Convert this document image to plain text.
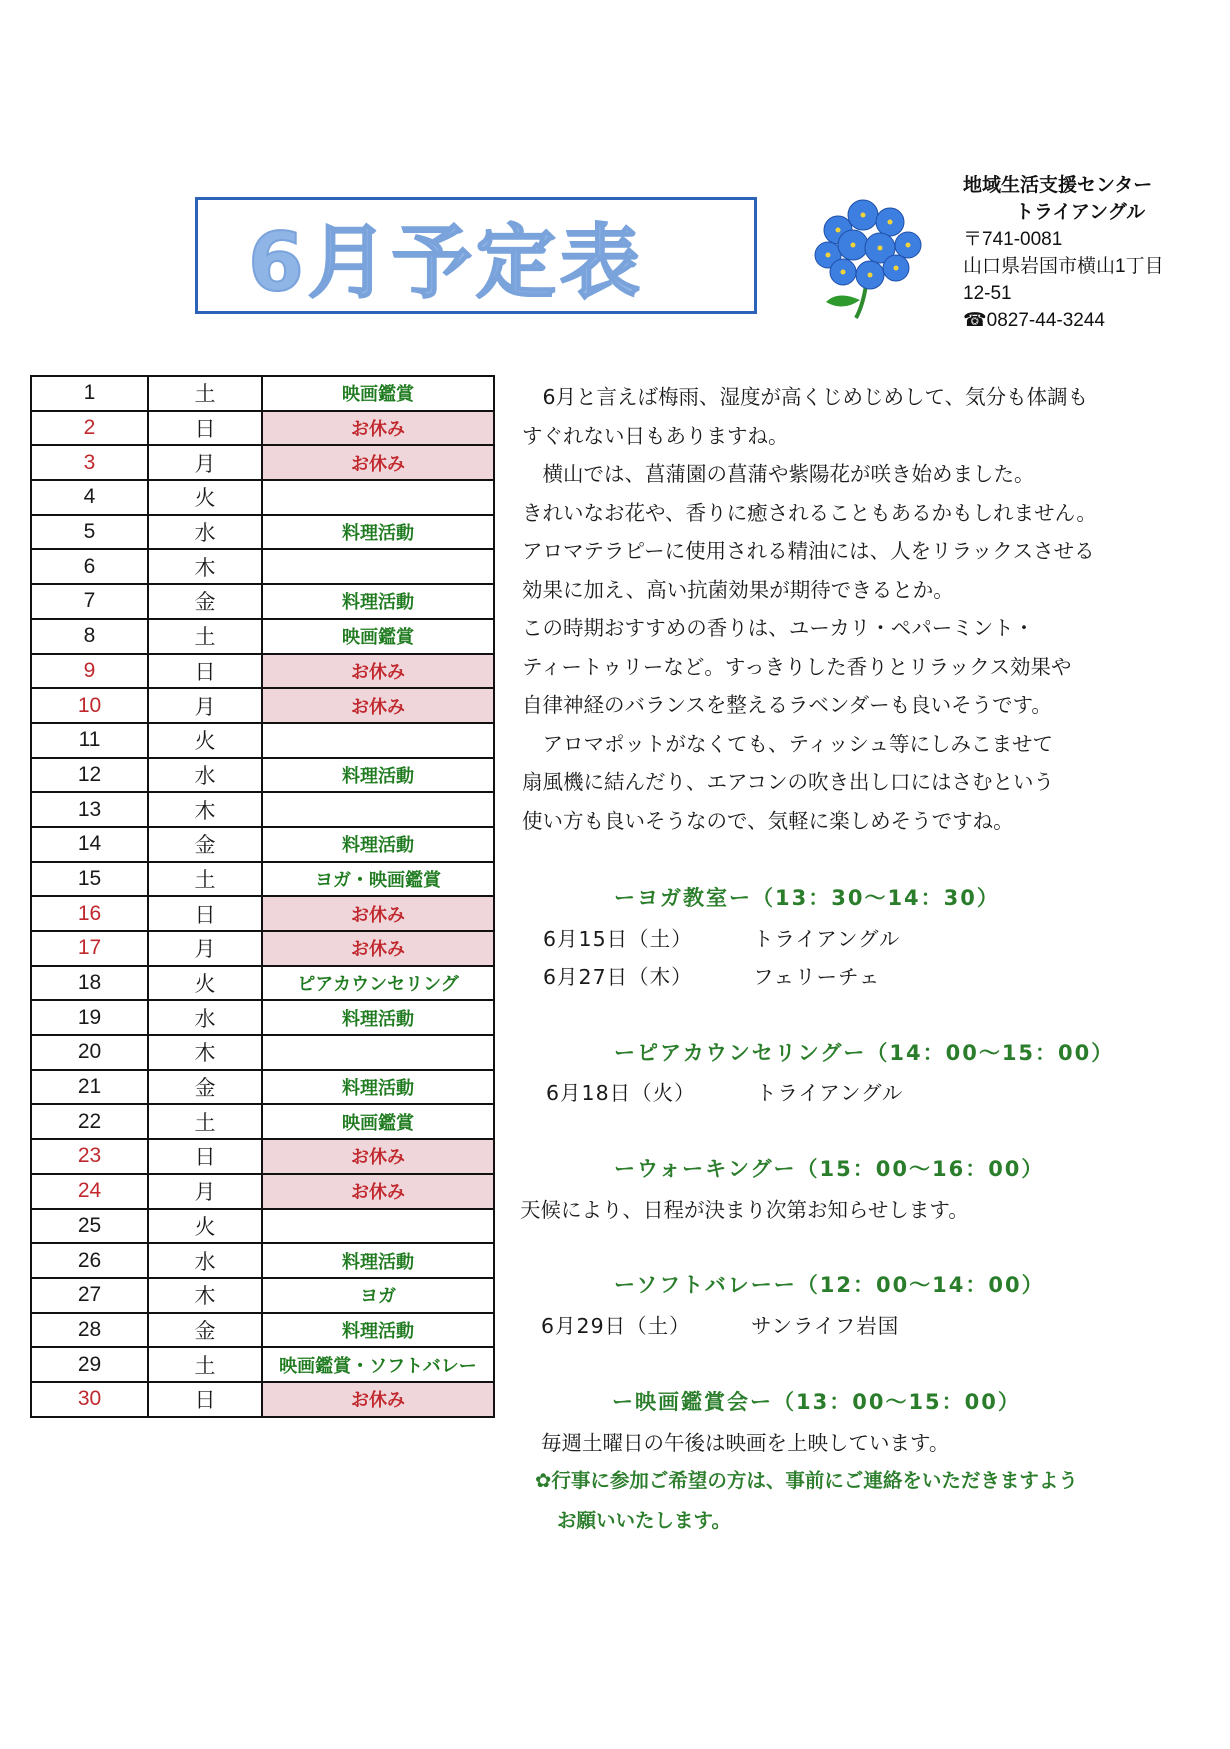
6月予定表
地域生活支援センター
トライアングル
〒741-0081
山口県岩国市横山1丁目
12-51
☎0827-44-3244
1	土	映画鑑賞
2	日	お休み
3	月	お休み
4	火	
5	水	料理活動
6	木	
7	金	料理活動
8	土	映画鑑賞
9	日	お休み
10	月	お休み
11	火	
12	水	料理活動
13	木	
14	金	料理活動
15	土	ヨガ・映画鑑賞
16	日	お休み
17	月	お休み
18	火	ピアカウンセリング
19	水	料理活動
20	木	
21	金	料理活動
22	土	映画鑑賞
23	日	お休み
24	月	お休み
25	火	
26	水	料理活動
27	木	ヨガ
28	金	料理活動
29	土	映画鑑賞・ソフトバレー
30	日	お休み

　6月と言えば梅雨、湿度が高くじめじめして、気分も体調も

すぐれない日もありますね。

　横山では、菖蒲園の菖蒲や紫陽花が咲き始めました。

きれいなお花や、香りに癒されることもあるかもしれません。

アロマテラピーに使用される精油には、人をリラックスさせる

効果に加え、高い抗菌効果が期待できるとか。

この時期おすすめの香りは、ユーカリ・ペパーミント・

ティートゥリーなど。すっきりした香りとリラックス効果や

自律神経のバランスを整えるラベンダーも良いそうです。

　アロマポットがなくても、ティッシュ等にしみこませて

扇風機に結んだり、エアコンの吹き出し口にはさむという

使い方も良いそうなので、気軽に楽しめそうですね。

ーヨガ教室ー（13：30～14：30）
6月15日（土）	トライアングル
6月27日（木）	フェリーチェ
ーピアカウンセリングー（14：00～15：00）
6月18日（火）	トライアングル
ーウォーキングー（15：00～16：00）
天候により、日程が決まり次第お知らせします。
ーソフトバレーー（12：00～14：00）
6月29日（土）	サンライフ岩国
ー映画鑑賞会ー（13：00～15：00）
毎週土曜日の午後は映画を上映しています。
✿行事に参加ご希望の方は、事前にご連絡をいただきますよう
お願いいたします。
